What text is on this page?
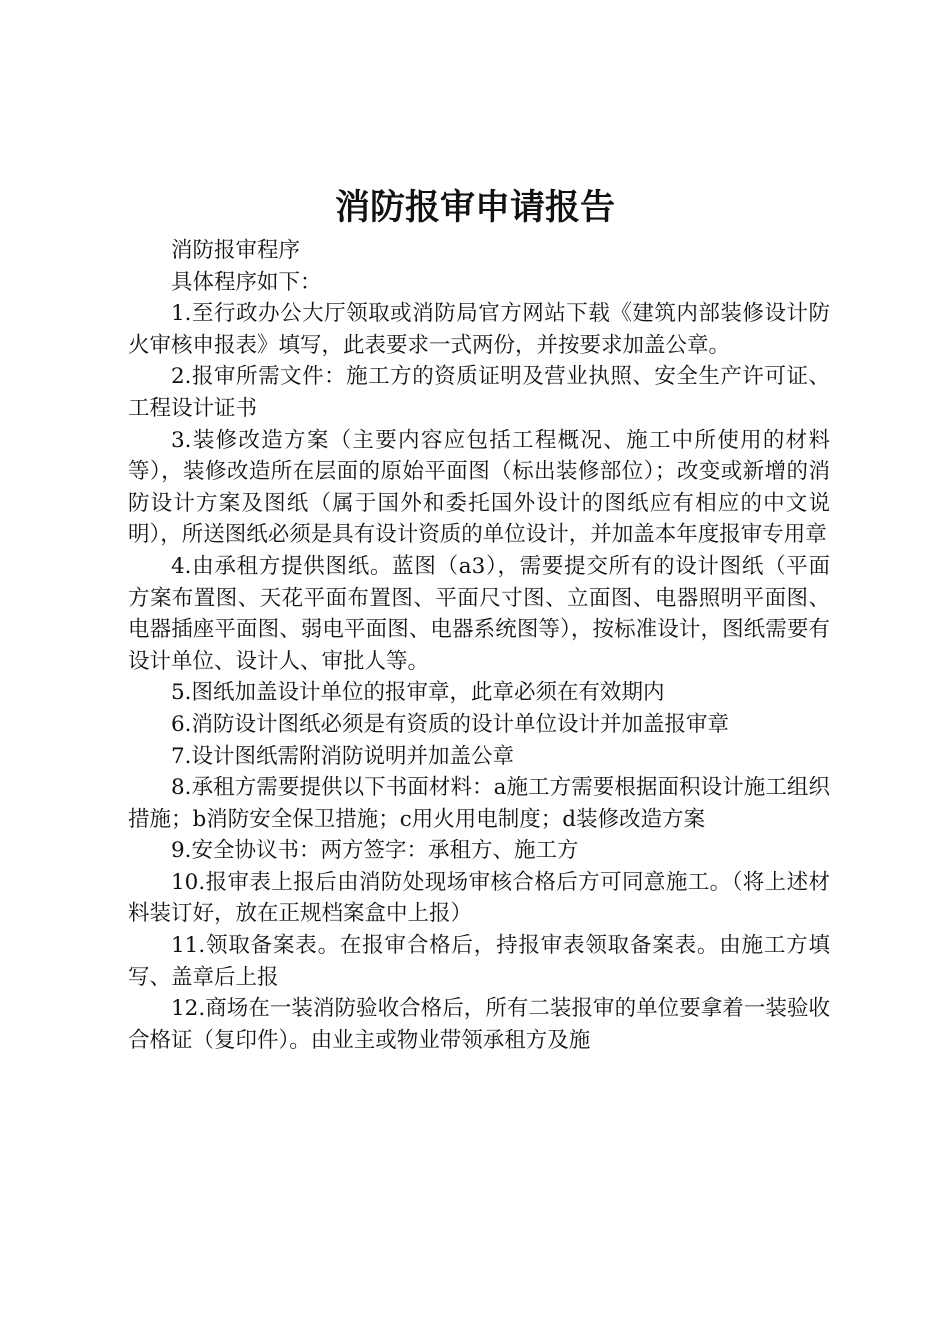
消防报审申请报告

消防报审程序

具体程序如下：

1.至行政办公大厅领取或消防局官方网站下载《建筑内部装修设计防火审核申报表》填写，此表要求一式两份，并按要求加盖公章。

2.报审所需文件：施工方的资质证明及营业执照、安全生产许可证、工程设计证书

3.装修改造方案（主要内容应包括工程概况、施工中所使用的材料等），装修改造所在层面的原始平面图（标出装修部位）；改变或新增的消防设计方案及图纸（属于国外和委托国外设计的图纸应有相应的中文说明），所送图纸必须是具有设计资质的单位设计，并加盖本年度报审专用章

4.由承租方提供图纸。蓝图（a3），需要提交所有的设计图纸（平面方案布置图、天花平面布置图、平面尺寸图、立面图、电器照明平面图、电器插座平面图、弱电平面图、电器系统图等），按标准设计，图纸需要有设计单位、设计人、审批人等。

5.图纸加盖设计单位的报审章，此章必须在有效期内

6.消防设计图纸必须是有资质的设计单位设计并加盖报审章

7.设计图纸需附消防说明并加盖公章

8.承租方需要提供以下书面材料：a施工方需要根据面积设计施工组织措施；b消防安全保卫措施；c用火用电制度；d装修改造方案

9.安全协议书：两方签字：承租方、施工方

10.报审表上报后由消防处现场审核合格后方可同意施工。（将上述材料装订好，放在正规档案盒中上报）

11.领取备案表。在报审合格后，持报审表领取备案表。由施工方填写、盖章后上报

12.商场在一装消防验收合格后，所有二装报审的单位要拿着一装验收合格证（复印件）。由业主或物业带领承租方及施
